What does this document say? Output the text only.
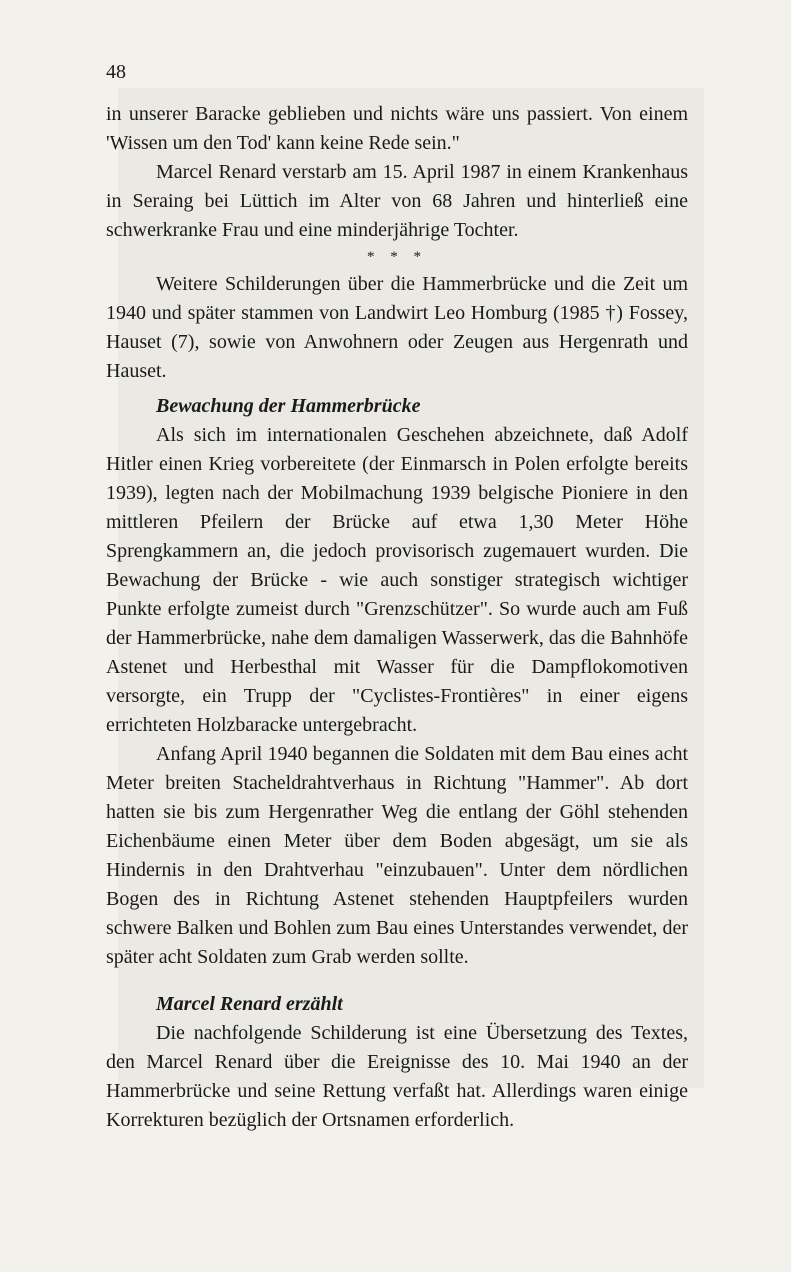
48

in unserer Baracke geblieben und nichts wäre uns passiert. Von einem 'Wissen um den Tod' kann keine Rede sein."

Marcel Renard verstarb am 15. April 1987 in einem Krankenhaus in Seraing bei Lüttich im Alter von 68 Jahren und hinterließ eine schwerkranke Frau und eine minderjährige Tochter.

* * *

Weitere Schilderungen über die Hammerbrücke und die Zeit um 1940 und später stammen von Landwirt Leo Homburg (1985 †) Fossey, Hauset (7), sowie von Anwohnern oder Zeugen aus Hergenrath und Hauset.

Bewachung der Hammerbrücke

Als sich im internationalen Geschehen abzeichnete, daß Adolf Hitler einen Krieg vorbereitete (der Einmarsch in Polen erfolgte bereits 1939), legten nach der Mobilmachung 1939 belgische Pioniere in den mittleren Pfeilern der Brücke auf etwa 1,30 Meter Höhe Sprengkammern an, die jedoch provisorisch zugemauert wurden. Die Bewachung der Brücke - wie auch sonstiger strategisch wichtiger Punkte erfolgte zumeist durch "Grenzschützer". So wurde auch am Fuß der Hammerbrücke, nahe dem damaligen Wasserwerk, das die Bahnhöfe Astenet und Herbesthal mit Wasser für die Dampflokomotiven versorgte, ein Trupp der "Cyclistes-Frontières" in einer eigens errichteten Holzbaracke untergebracht.

Anfang April 1940 begannen die Soldaten mit dem Bau eines acht Meter breiten Stacheldrahtverhaus in Richtung "Hammer". Ab dort hatten sie bis zum Hergenrather Weg die entlang der Göhl stehenden Eichenbäume einen Meter über dem Boden abgesägt, um sie als Hindernis in den Drahtverhau "einzubauen". Unter dem nördlichen Bogen des in Richtung Astenet stehenden Hauptpfeilers wurden schwere Balken und Bohlen zum Bau eines Unterstandes verwendet, der später acht Soldaten zum Grab werden sollte.

Marcel Renard erzählt

Die nachfolgende Schilderung ist eine Übersetzung des Textes, den Marcel Renard über die Ereignisse des 10. Mai 1940 an der Hammerbrücke und seine Rettung verfaßt hat. Allerdings waren einige Korrekturen bezüglich der Ortsnamen erforderlich.
